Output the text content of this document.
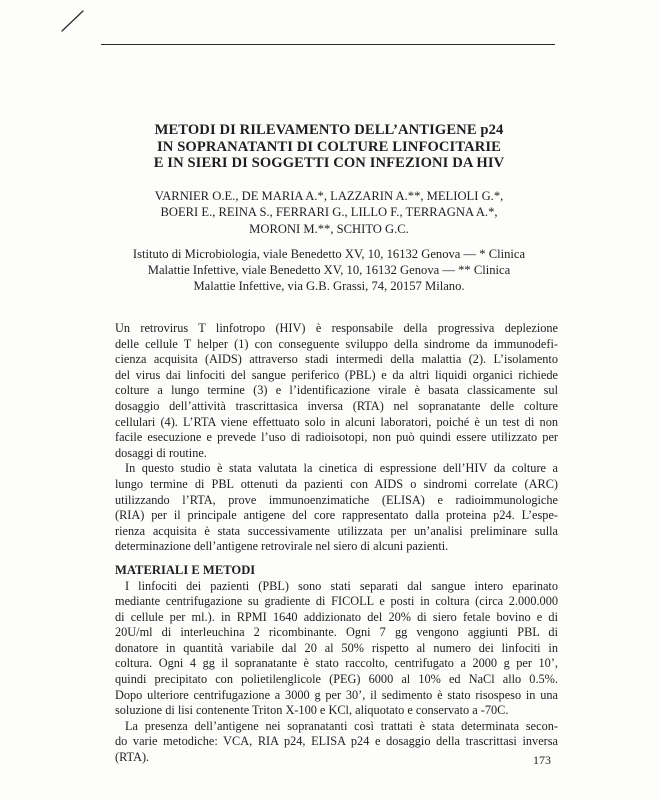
METODI DI RILEVAMENTO DELL’ANTIGENE p24
IN SOPRANATANTI DI COLTURE LINFOCITARIE
E IN SIERI DI SOGGETTI CON INFEZIONI DA HIV
VARNIER O.E., DE MARIA A.*, LAZZARIN A.**, MELIOLI G.*,
BOERI E., REINA S., FERRARI G., LILLO F., TERRAGNA A.*,
MORONI M.**, SCHITO G.C.
Istituto di Microbiologia, viale Benedetto XV, 10, 16132 Genova — * Clinica
Malattie Infettive, viale Benedetto XV, 10, 16132 Genova — ** Clinica
Malattie Infettive, via G.B. Grassi, 74, 20157 Milano.
Un retrovirus T linfotropo (HIV) è responsabile della progressiva deplezione
delle cellule T helper (1) con conseguente sviluppo della sindrome da immunodefi-
cienza acquisita (AIDS) attraverso stadi intermedi della malattia (2). L’isolamento
del virus dai linfociti del sangue periferico (PBL) e da altri liquidi organici richiede
colture a lungo termine (3) e l’identificazione virale è basata classicamente sul
dosaggio dell’attività trascrittasica inversa (RTA) nel sopranatante delle colture
cellulari (4). L’RTA viene effettuato solo in alcuni laboratori, poiché è un test di non
facile esecuzione e prevede l’uso di radioisotopi, non può quindi essere utilizzato per
dosaggi di routine.
In questo studio è stata valutata la cinetica di espressione dell’HIV da colture a
lungo termine di PBL ottenuti da pazienti con AIDS o sindromi correlate (ARC)
utilizzando l’RTA, prove immunoenzimatiche (ELISA) e radioimmunologiche
(RIA) per il principale antigene del core rappresentato dalla proteina p24. L’espe-
rienza acquisita è stata successivamente utilizzata per un’analisi preliminare sulla
determinazione dell’antigene retrovirale nel siero di alcuni pazienti.
MATERIALI E METODI
I linfociti dei pazienti (PBL) sono stati separati dal sangue intero eparinato
mediante centrifugazione su gradiente di FICOLL e posti in coltura (circa 2.000.000
di cellule per ml.). in RPMI 1640 addizionato del 20% di siero fetale bovino e di
20U/ml di interleuchina 2 ricombinante. Ogni 7 gg vengono aggiunti PBL di
donatore in quantità variabile dal 20 al 50% rispetto al numero dei linfociti in
coltura. Ogni 4 gg il sopranatante è stato raccolto, centrifugato a 2000 g per 10’,
quindi precipitato con polietilenglicole (PEG) 6000 al 10% ed NaCl allo 0.5%.
Dopo ulteriore centrifugazione a 3000 g per 30’, il sedimento è stato risospeso in una
soluzione di lisi contenente Triton X-100 e KCl, aliquotato e conservato a -70C.
La presenza dell’antigene nei sopranatanti così trattati è stata determinata secon-
do varie metodiche: VCA, RIA p24, ELISA p24 e dosaggio della trascrittasi inversa
(RTA).	173
